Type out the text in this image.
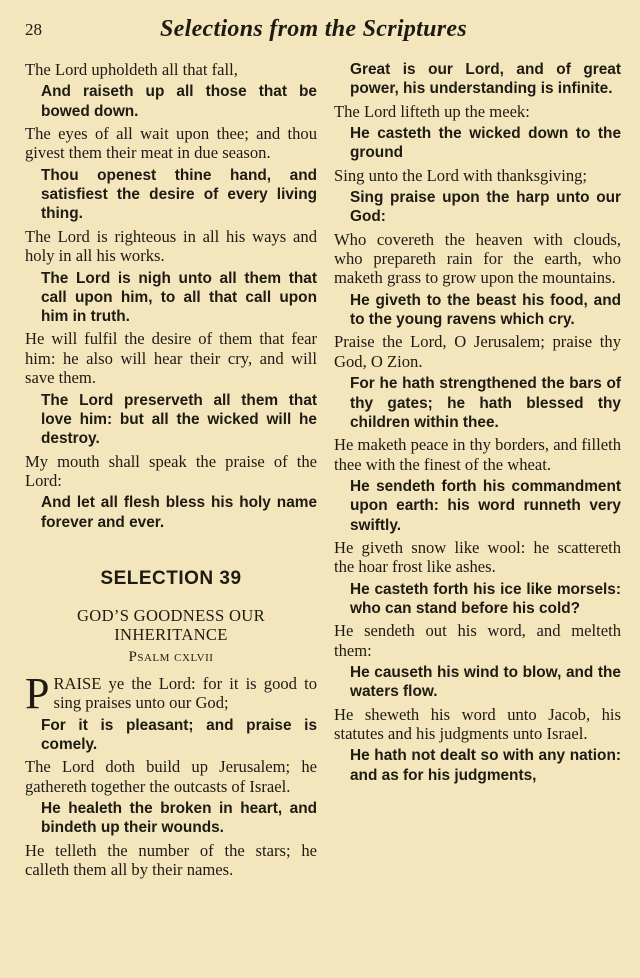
28	Selections from the Scriptures

The Lord upholdeth all that fall,

And raiseth up all those that be bowed down.

The eyes of all wait upon thee; and thou givest them their meat in due season.

Thou openest thine hand, and satisfiest the desire of every living thing.

The Lord is righteous in all his ways and holy in all his works.

The Lord is nigh unto all them that call upon him, to all that call upon him in truth.

He will fulfil the desire of them that fear him: he also will hear their cry, and will save them.

The Lord preserveth all them that love him: but all the wicked will he destroy.

My mouth shall speak the praise of the Lord:

And let all flesh bless his holy name forever and ever.

SELECTION 39
GOD’S GOODNESS OUR INHERITANCE
Psalm cxlvii

PRAISE ye the Lord: for it is good to sing praises unto our God;

For it is pleasant; and praise is comely.

The Lord doth build up Jerusalem; he gathereth together the outcasts of Israel.

He healeth the broken in heart, and bindeth up their wounds.

He telleth the number of the stars; he calleth them all by their names.

Great is our Lord, and of great power, his understanding is infinite.

The Lord lifteth up the meek:

He casteth the wicked down to the ground

Sing unto the Lord with thanksgiving;

Sing praise upon the harp unto our God:

Who covereth the heaven with clouds, who prepareth rain for the earth, who maketh grass to grow upon the mountains.

He giveth to the beast his food, and to the young ravens which cry.

Praise the Lord, O Jerusalem; praise thy God, O Zion.

For he hath strengthened the bars of thy gates; he hath blessed thy children within thee.

He maketh peace in thy borders, and filleth thee with the finest of the wheat.

He sendeth forth his commandment upon earth: his word runneth very swiftly.

He giveth snow like wool: he scattereth the hoar frost like ashes.

He casteth forth his ice like morsels: who can stand before his cold?

He sendeth out his word, and melteth them:

He causeth his wind to blow, and the waters flow.

He sheweth his word unto Jacob, his statutes and his judgments unto Israel.

He hath not dealt so with any nation: and as for his judgments,
